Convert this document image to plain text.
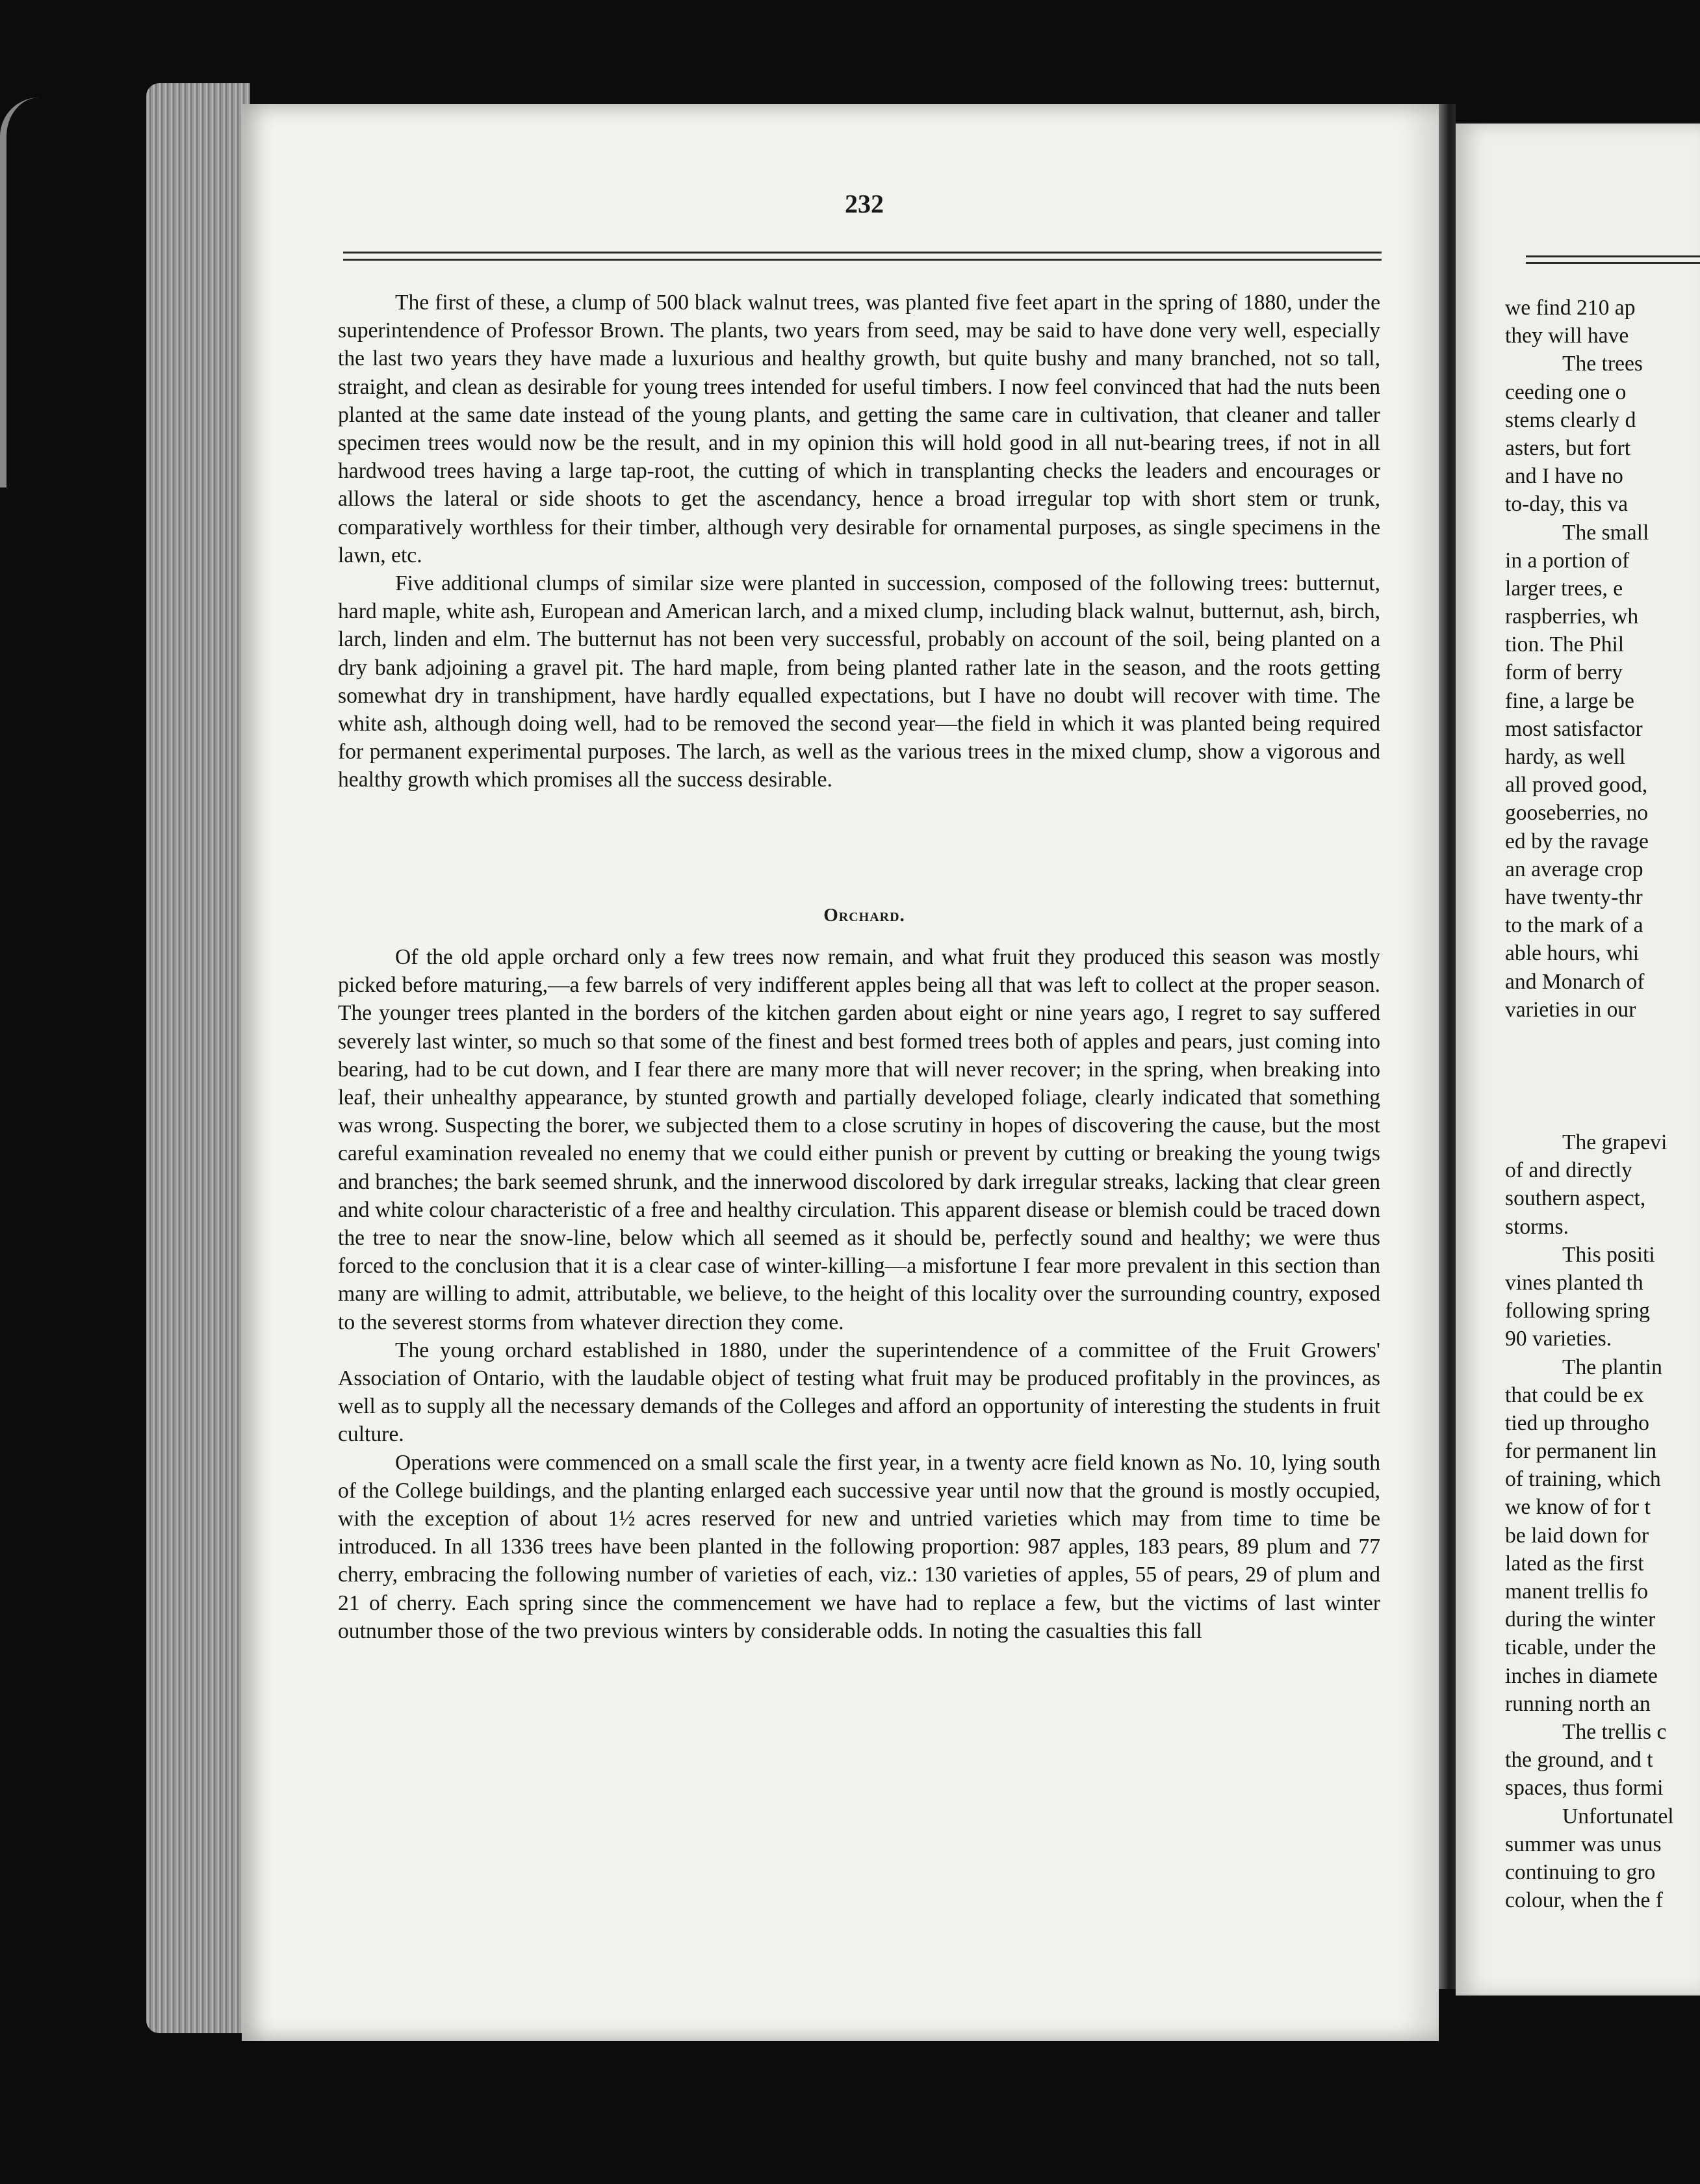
232

The first of these, a clump of 500 black walnut trees, was planted five feet apart in the spring of 1880, under the superintendence of Professor Brown. The plants, two years from seed, may be said to have done very well, especially the last two years they have made a luxurious and healthy growth, but quite bushy and many branched, not so tall, straight, and clean as desirable for young trees intended for useful timbers. I now feel convinced that had the nuts been planted at the same date instead of the young plants, and getting the same care in cultivation, that cleaner and taller specimen trees would now be the result, and in my opinion this will hold good in all nut-bearing trees, if not in all hardwood trees having a large tap-root, the cutting of which in transplanting checks the leaders and encourages or allows the lateral or side shoots to get the ascendancy, hence a broad irregular top with short stem or trunk, comparatively worthless for their timber, although very desirable for ornamental purposes, as single specimens in the lawn, etc.

Five additional clumps of similar size were planted in succession, composed of the following trees: butternut, hard maple, white ash, European and American larch, and a mixed clump, including black walnut, butternut, ash, birch, larch, linden and elm. The butternut has not been very successful, probably on account of the soil, being planted on a dry bank adjoining a gravel pit. The hard maple, from being planted rather late in the season, and the roots getting somewhat dry in transhipment, have hardly equalled expectations, but I have no doubt will recover with time. The white ash, although doing well, had to be removed the second year—the field in which it was planted being required for permanent experimental purposes. The larch, as well as the various trees in the mixed clump, show a vigorous and healthy growth which promises all the success desirable.

Orchard.

Of the old apple orchard only a few trees now remain, and what fruit they produced this season was mostly picked before maturing,—a few barrels of very indifferent apples being all that was left to collect at the proper season. The younger trees planted in the borders of the kitchen garden about eight or nine years ago, I regret to say suffered severely last winter, so much so that some of the finest and best formed trees both of apples and pears, just coming into bearing, had to be cut down, and I fear there are many more that will never recover; in the spring, when breaking into leaf, their unhealthy appearance, by stunted growth and partially developed foliage, clearly indicated that something was wrong. Suspecting the borer, we subjected them to a close scrutiny in hopes of discovering the cause, but the most careful examination revealed no enemy that we could either punish or prevent by cutting or breaking the young twigs and branches; the bark seemed shrunk, and the innerwood discolored by dark irregular streaks, lacking that clear green and white colour characteristic of a free and healthy circulation. This apparent disease or blemish could be traced down the tree to near the snow-line, below which all seemed as it should be, perfectly sound and healthy; we were thus forced to the conclusion that it is a clear case of winter-killing—a misfortune I fear more prevalent in this section than many are willing to admit, attributable, we believe, to the height of this locality over the surrounding country, exposed to the severest storms from whatever direction they come.

The young orchard established in 1880, under the superintendence of a committee of the Fruit Growers' Association of Ontario, with the laudable object of testing what fruit may be produced profitably in the provinces, as well as to supply all the necessary demands of the Colleges and afford an opportunity of interesting the students in fruit culture.

Operations were commenced on a small scale the first year, in a twenty acre field known as No. 10, lying south of the College buildings, and the planting enlarged each successive year until now that the ground is mostly occupied, with the exception of about 1½ acres reserved for new and untried varieties which may from time to time be introduced. In all 1336 trees have been planted in the following proportion: 987 apples, 183 pears, 89 plum and 77 cherry, embracing the following number of varieties of each, viz.: 130 varieties of apples, 55 of pears, 29 of plum and 21 of cherry. Each spring since the commencement we have had to replace a few, but the victims of last winter outnumber those of the two previous winters by considerable odds. In noting the casualties this fall

we find 210 ap
they will have
The trees
ceeding one o
stems clearly d
asters, but fort
and I have no
to-day, this va
The small
in a portion of
larger trees, e
raspberries, wh
tion. The Phil
form of berry
fine, a large be
most satisfactor
hardy, as well
all proved good,
gooseberries, no
ed by the ravage
an average crop
have twenty-thr
to the mark of a
able hours, whi
and Monarch of
varieties in our
The grapevi
of and directly
southern aspect,
storms.
This positi
vines planted th
following spring
90 varieties.
The plantin
that could be ex
tied up througho
for permanent lin
of training, which
we know of for t
be laid down for
lated as the first
manent trellis fo
during the winter
ticable, under the
inches in diamete
running north an
The trellis c
the ground, and t
spaces, thus formi
Unfortunatel
summer was unus
continuing to gro
colour, when the f
